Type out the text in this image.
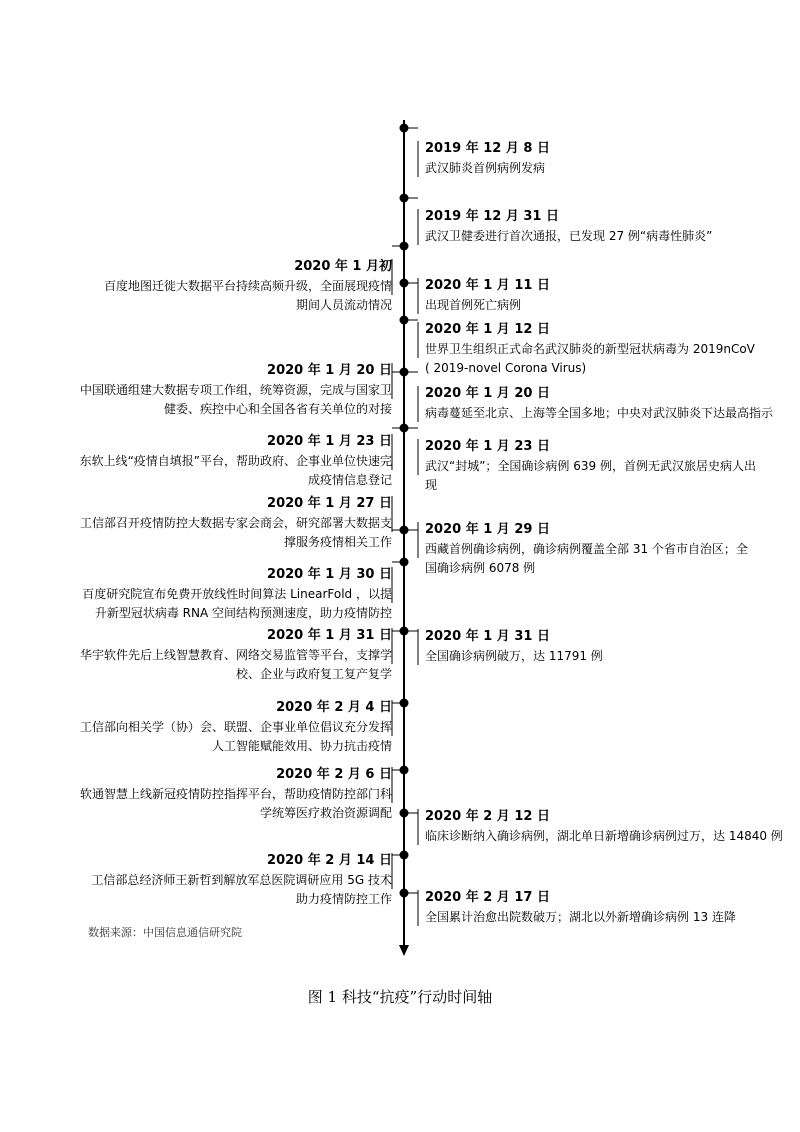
2019 年 12 月 8 日
武汉肺炎首例病例发病
2019 年 12 月 31 日
武汉卫健委进行首次通报，已发现 27 例“病毒性肺炎”
2020 年 1 月初
百度地图迁徙大数据平台持续高频升级，全面展现疫情
期间人员流动情况
2020 年 1 月 11 日
出现首例死亡病例
2020 年 1 月 12 日
世界卫生组织正式命名武汉肺炎的新型冠状病毒为 2019nCoV
( 2019-novel Corona Virus)
2020 年 1 月 20 日
中国联通组建大数据专项工作组，统筹资源，完成与国家卫
健委、疾控中心和全国各省有关单位的对接
2020 年 1 月 20 日
病毒蔓延至北京、上海等全国多地；中央对武汉肺炎下达最高指示
2020 年 1 月 23 日
东软上线“疫情自填报”平台，帮助政府、企事业单位快速完
成疫情信息登记
2020 年 1 月 23 日
武汉“封城”；全国确诊病例 639 例，首例无武汉旅居史病人出
现
2020 年 1 月 27 日
工信部召开疫情防控大数据专家会商会，研究部署大数据支
撑服务疫情相关工作
2020 年 1 月 29 日
西藏首例确诊病例，确诊病例覆盖全部 31 个省市自治区；全
国确诊病例 6078 例
2020 年 1 月 30 日
百度研究院宣布免费开放线性时间算法 LinearFold ，以提
升新型冠状病毒 RNA 空间结构预测速度，助力疫情防控
2020 年 1 月 31 日
华宇软件先后上线智慧教育、网络交易监管等平台，支撑学
校、企业与政府复工复产复学
2020 年 1 月 31 日
全国确诊病例破万，达 11791 例
2020 年 2 月 4 日
工信部向相关学（协）会、联盟、企事业单位倡议充分发挥
人工智能赋能效用、协力抗击疫情
2020 年 2 月 6 日
软通智慧上线新冠疫情防控指挥平台，帮助疫情防控部门科
学统筹医疗救治资源调配	2020 年 2 月 12 日
临床诊断纳入确诊病例，湖北单日新增确诊病例过万，达 14840 例
2020 年 2 月 14 日
工信部总经济师王新哲到解放军总医院调研应用 5G 技术
助力疫情防控工作	2020 年 2 月 17 日
全国累计治愈出院数破万；湖北以外新增确诊病例 13 连降
数据来源：中国信息通信研究院
图 1 科技“抗疫”行动时间轴
